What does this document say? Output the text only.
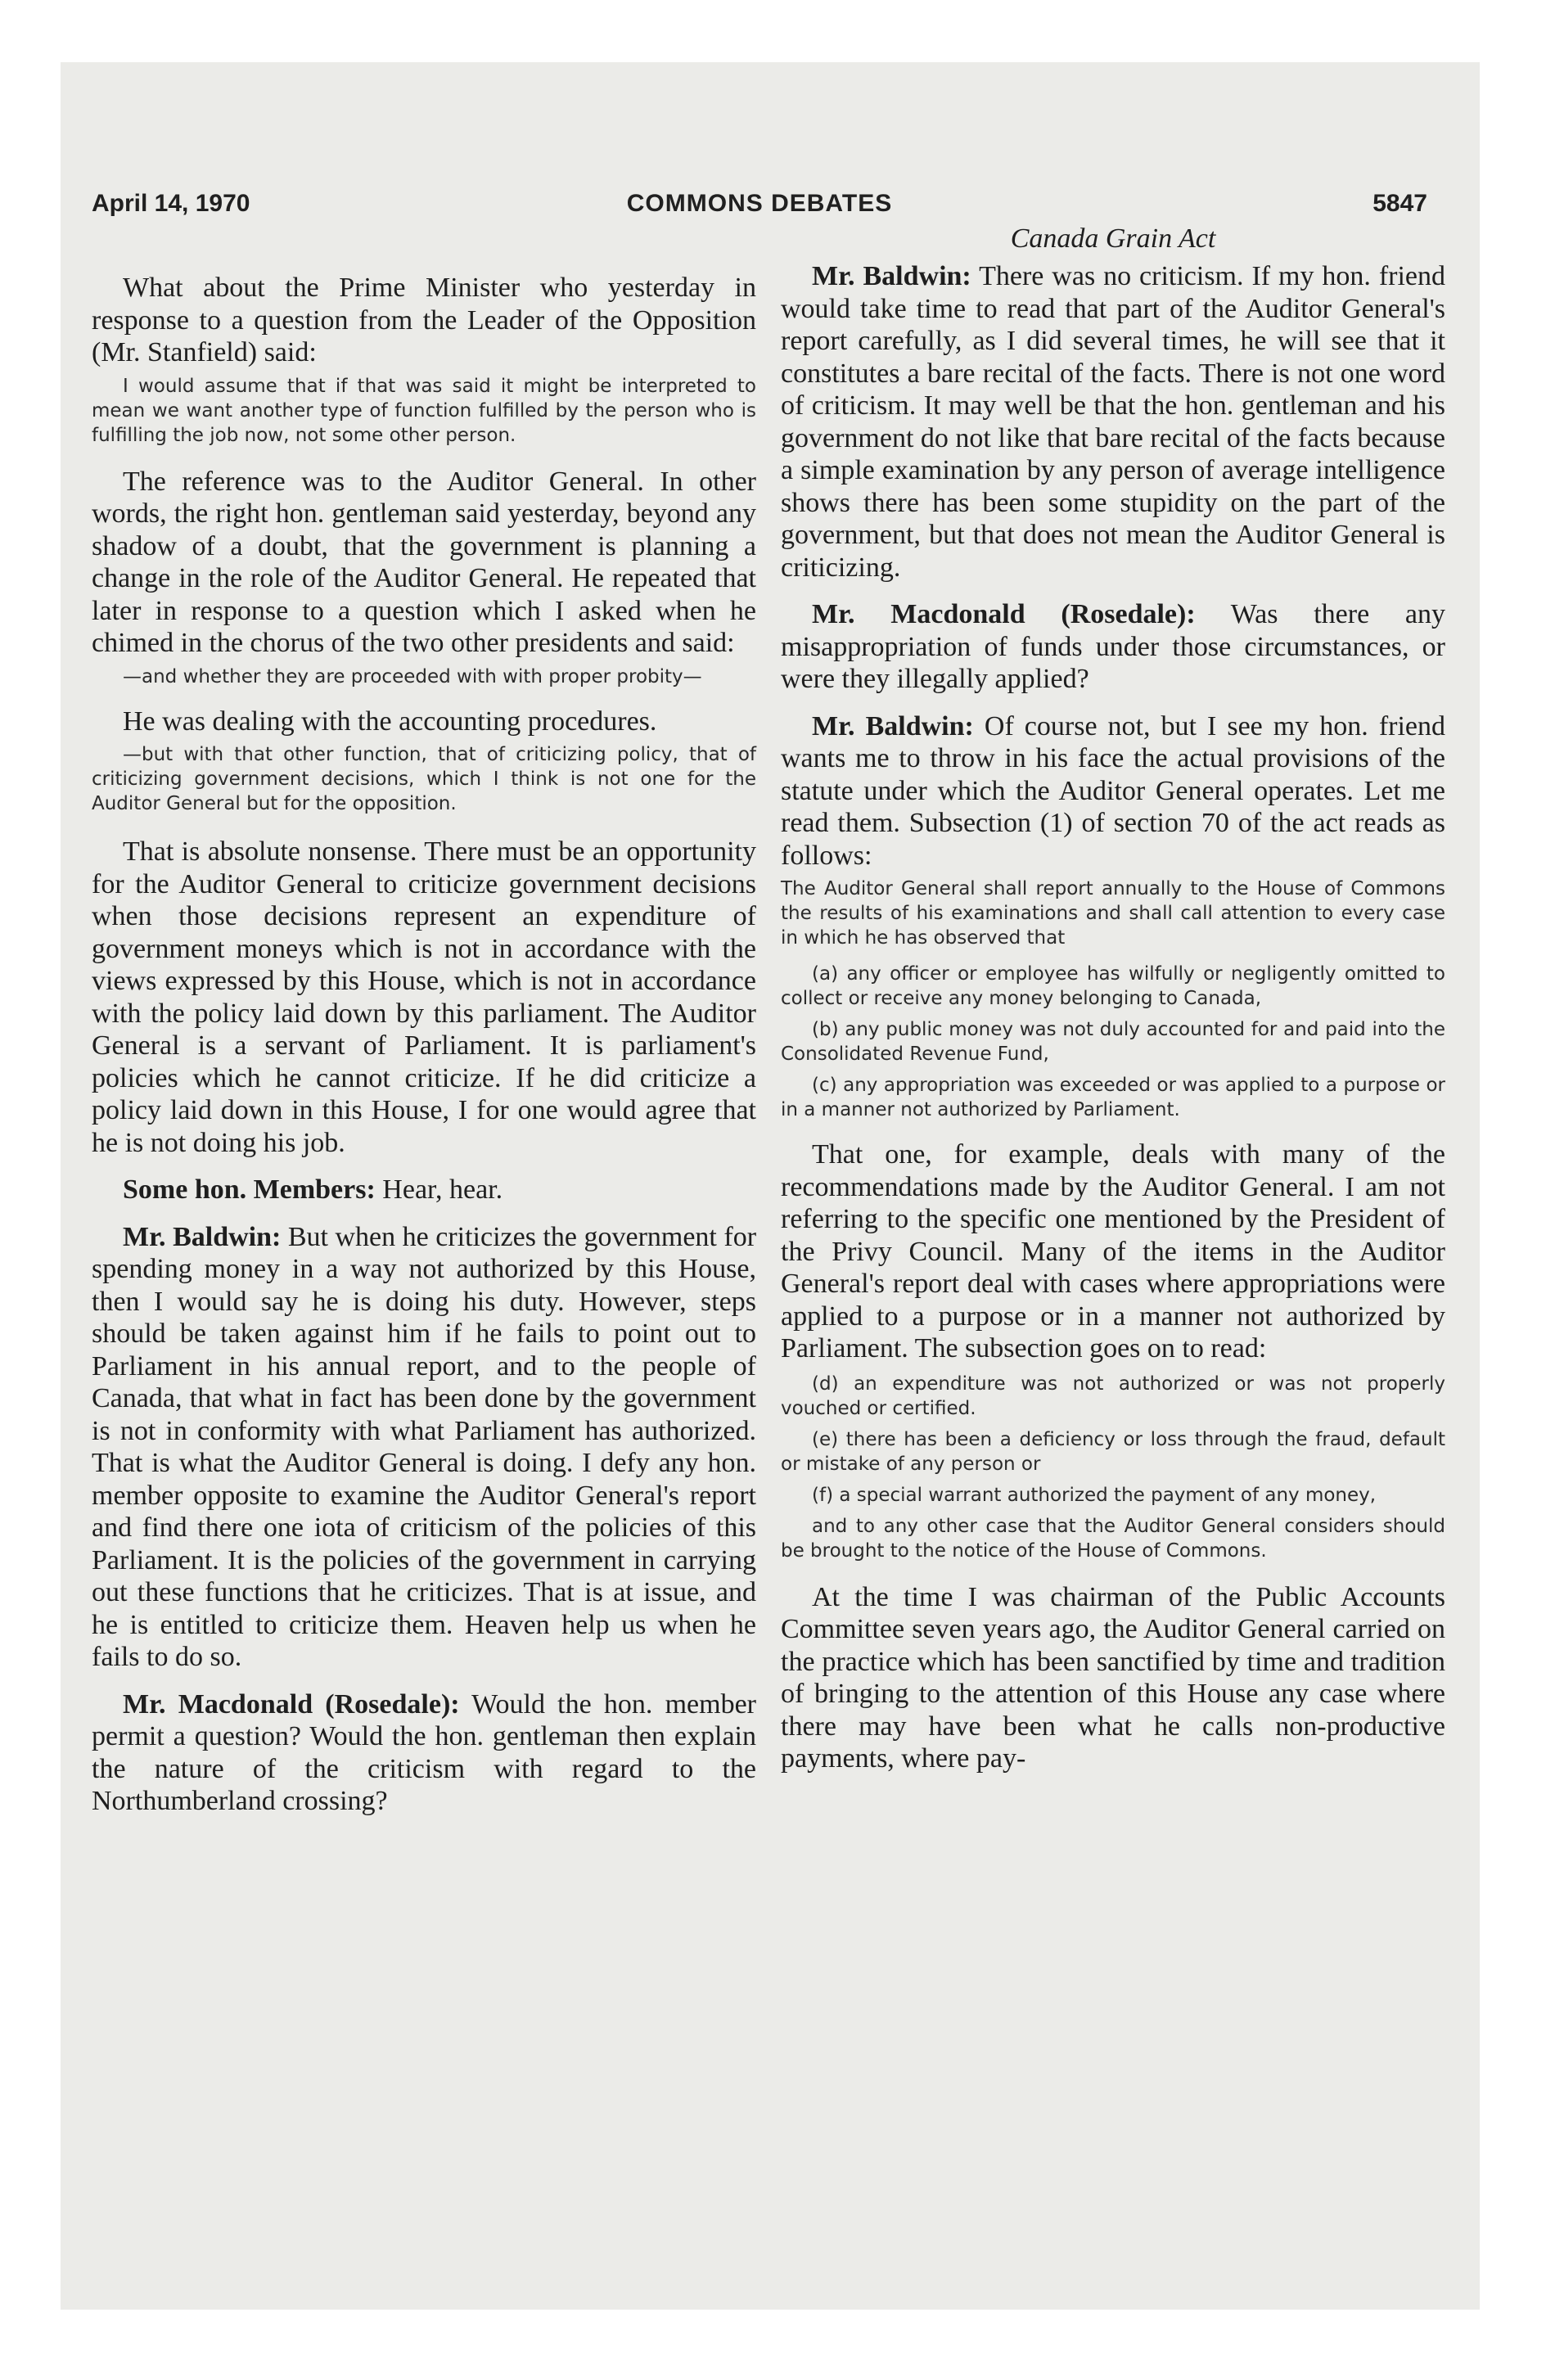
April 14, 1970	COMMONS DEBATES	5847

What about the Prime Minister who yesterday in response to a question from the Leader of the Opposition (Mr. Stanfield) said:

I would assume that if that was said it might be interpreted to mean we want another type of function fulfilled by the person who is fulfilling the job now, not some other person.

The reference was to the Auditor General. In other words, the right hon. gentleman said yesterday, beyond any shadow of a doubt, that the government is planning a change in the role of the Auditor General. He repeated that later in response to a question which I asked when he chimed in the chorus of the two other presidents and said:

—and whether they are proceeded with with proper probity—

He was dealing with the accounting procedures.

—but with that other function, that of criticizing policy, that of criticizing government decisions, which I think is not one for the Auditor General but for the opposition.

That is absolute nonsense. There must be an opportunity for the Auditor General to criticize government decisions when those decisions represent an expenditure of government moneys which is not in accordance with the views expressed by this House, which is not in accordance with the policy laid down by this parliament. The Auditor General is a servant of Parliament. It is parliament's policies which he cannot criticize. If he did criticize a policy laid down in this House, I for one would agree that he is not doing his job.

Some hon. Members: Hear, hear.

Mr. Baldwin: But when he criticizes the government for spending money in a way not authorized by this House, then I would say he is doing his duty. However, steps should be taken against him if he fails to point out to Parliament in his annual report, and to the people of Canada, that what in fact has been done by the government is not in conformity with what Parliament has authorized. That is what the Auditor General is doing. I defy any hon. member opposite to examine the Auditor General's report and find there one iota of criticism of the policies of this Parliament. It is the policies of the government in carrying out these functions that he criticizes. That is at issue, and he is entitled to criticize them. Heaven help us when he fails to do so.

Mr. Macdonald (Rosedale): Would the hon. member permit a question? Would the hon. gentleman then explain the nature of the criticism with regard to the Northumberland crossing?

Canada Grain Act

Mr. Baldwin: There was no criticism. If my hon. friend would take time to read that part of the Auditor General's report carefully, as I did several times, he will see that it constitutes a bare recital of the facts. There is not one word of criticism. It may well be that the hon. gentleman and his government do not like that bare recital of the facts because a simple examination by any person of average intelligence shows there has been some stupidity on the part of the government, but that does not mean the Auditor General is criticizing.

Mr. Macdonald (Rosedale): Was there any misappropriation of funds under those circumstances, or were they illegally applied?

Mr. Baldwin: Of course not, but I see my hon. friend wants me to throw in his face the actual provisions of the statute under which the Auditor General operates. Let me read them. Subsection (1) of section 70 of the act reads as follows:

The Auditor General shall report annually to the House of Commons the results of his examinations and shall call attention to every case in which he has observed that

(a) any officer or employee has wilfully or negligently omitted to collect or receive any money belonging to Canada,

(b) any public money was not duly accounted for and paid into the Consolidated Revenue Fund,

(c) any appropriation was exceeded or was applied to a purpose or in a manner not authorized by Parliament.

That one, for example, deals with many of the recommendations made by the Auditor General. I am not referring to the specific one mentioned by the President of the Privy Council. Many of the items in the Auditor General's report deal with cases where appropriations were applied to a purpose or in a manner not authorized by Parliament. The subsection goes on to read:

(d) an expenditure was not authorized or was not properly vouched or certified.

(e) there has been a deficiency or loss through the fraud, default or mistake of any person or

(f) a special warrant authorized the payment of any money,

and to any other case that the Auditor General considers should be brought to the notice of the House of Commons.

At the time I was chairman of the Public Accounts Committee seven years ago, the Auditor General carried on the practice which has been sanctified by time and tradition of bringing to the attention of this House any case where there may have been what he calls non-productive payments, where pay-
